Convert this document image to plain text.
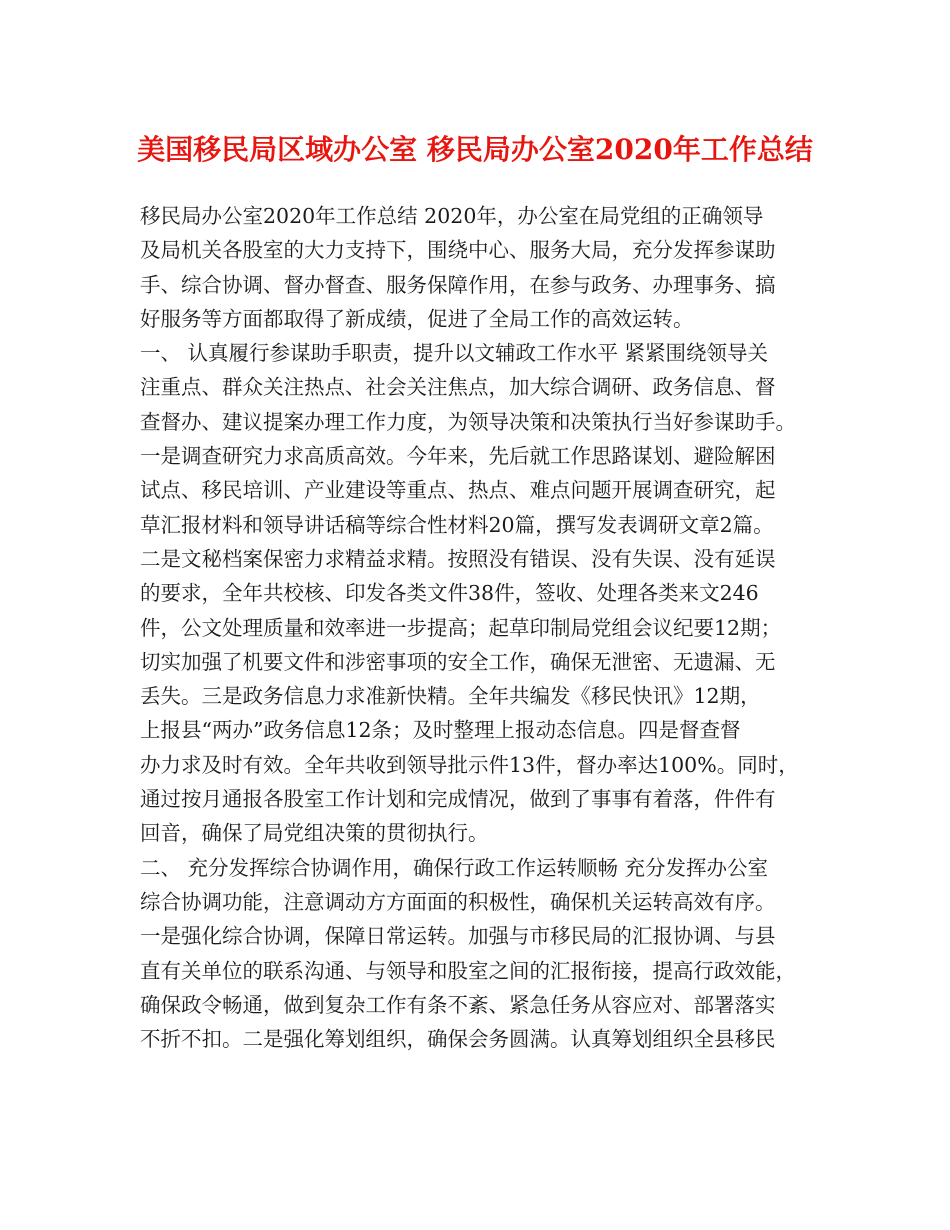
美国移民局区域办公室 移民局办公室2020年工作总结
移民局办公室2020年工作总结 2020年，办公室在局党组的正确领导
及局机关各股室的大力支持下，围绕中心、服务大局，充分发挥参谋助
手、综合协调、督办督查、服务保障作用，在参与政务、办理事务、搞
好服务等方面都取得了新成绩，促进了全局工作的高效运转。
一、 认真履行参谋助手职责，提升以文辅政工作水平 紧紧围绕领导关
注重点、群众关注热点、社会关注焦点，加大综合调研、政务信息、督
查督办、建议提案办理工作力度，为领导决策和决策执行当好参谋助手。
一是调查研究力求高质高效。今年来，先后就工作思路谋划、避险解困
试点、移民培训、产业建设等重点、热点、难点问题开展调查研究，起
草汇报材料和领导讲话稿等综合性材料20篇，撰写发表调研文章2篇。
二是文秘档案保密力求精益求精。按照没有错误、没有失误、没有延误
的要求，全年共校核、印发各类文件38件，签收、处理各类来文246
件，公文处理质量和效率进一步提高；起草印制局党组会议纪要12期；
切实加强了机要文件和涉密事项的安全工作，确保无泄密、无遗漏、无
丢失。三是政务信息力求准新快精。全年共编发《移民快讯》12期，
上报县“两办”政务信息12条；及时整理上报动态信息。四是督查督
办力求及时有效。全年共收到领导批示件13件，督办率达100%。同时，
通过按月通报各股室工作计划和完成情况，做到了事事有着落，件件有
回音，确保了局党组决策的贯彻执行。
二、 充分发挥综合协调作用，确保行政工作运转顺畅 充分发挥办公室
综合协调功能，注意调动方方面面的积极性，确保机关运转高效有序。
一是强化综合协调，保障日常运转。加强与市移民局的汇报协调、与县
直有关单位的联系沟通、与领导和股室之间的汇报衔接，提高行政效能，
确保政令畅通，做到复杂工作有条不紊、紧急任务从容应对、部署落实
不折不扣。二是强化筹划组织，确保会务圆满。认真筹划组织全县移民
